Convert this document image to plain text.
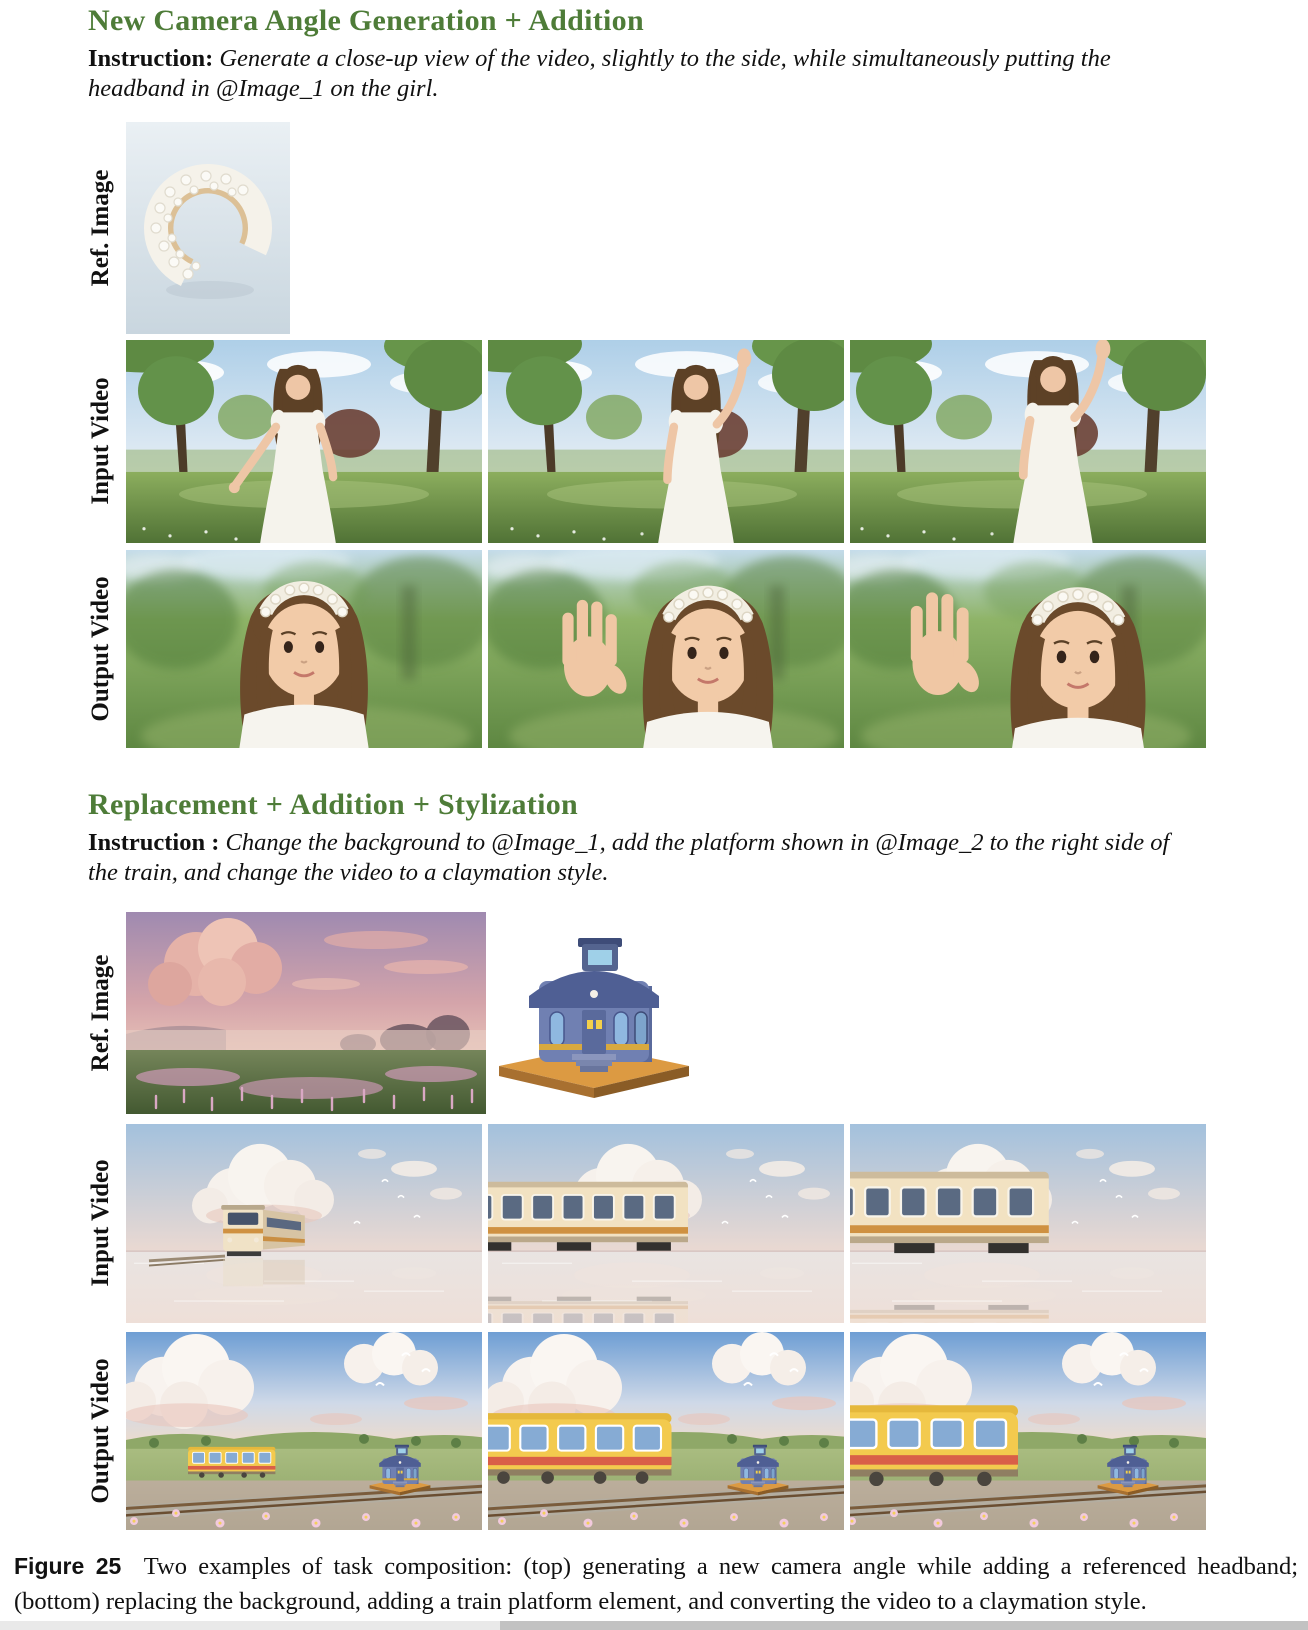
New Camera Angle Generation + Addition
Instruction: Generate a close-up view of the video, slightly to the side, while simultaneously putting the headband in @Image_1 on the girl.
Ref. Image
Input Video
Output Video
Replacement + Addition + Stylization
Instruction : Change the background to @Image_1, add the platform shown in @Image_2 to the right side of the train, and change the video to a claymation style.
Ref. Image
Input Video
Output Video
Figure 25 Two examples of task composition: (top) generating a new camera angle while adding a referenced headband; (bottom) replacing the background, adding a train platform element, and converting the video to a claymation style.
